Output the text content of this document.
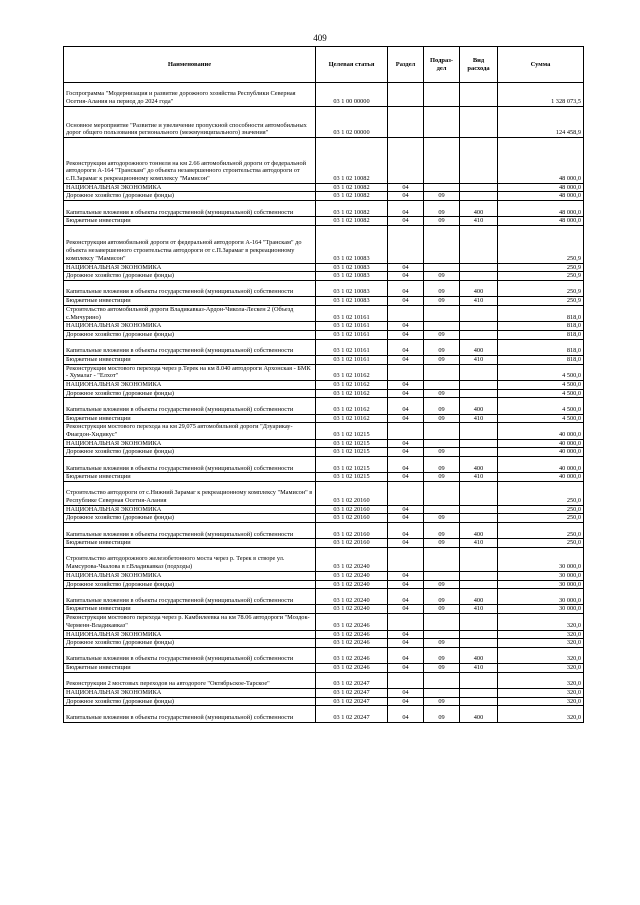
409
Наименование	Целевая статья	Раздел	Подраз-
дел	Вид
расхода	Сумма
Госпрограмма "Модернизация и развитие дорожного хозяйства Республики Северная Осетия-Алания на период до 2024 года"	03 1 00 00000				1 328 073,5
Основное мероприятие "Развитие и увеличение пропускной способности автомобильных дорог общего пользования регионального (межмуниципального) значения"	03 1 02 00000				124 458,9
Реконструкция автодорожного тоннеля на км 2.66 автомобильной дороги от федеральной автодороги А-164 "Транскам" до объекта незавершенного строительства автодороги от с.П.Зарамаг к рекреационному комплексу "Мамисон"	03 1 02 10082				48 000,0
НАЦИОНАЛЬНАЯ ЭКОНОМИКА	03 1 02 10082	04			48 000,0
Дорожное хозяйство (дорожные фонды)	03 1 02 10082	04	09		48 000,0
Капитальные вложения в объекты государственной (муниципальной) собственности	03 1 02 10082	04	09	400	48 000,0
Бюджетные инвестиции	03 1 02 10082	04	09	410	48 000,0
Реконструкция автомобильной дороги от федеральной автодороги А-164 "Транскам" до объекта незавершенного строительства автодороги от с.П.Зарамаг в рекреационному комплексу "Мамисон"	03 1 02 10083				250,9
НАЦИОНАЛЬНАЯ ЭКОНОМИКА	03 1 02 10083	04			250,9
Дорожное хозяйство (дорожные фонды)	03 1 02 10083	04	09		250,9
Капитальные вложения в объекты государственной (муниципальной) собственности	03 1 02 10083	04	09	400	250,9
Бюджетные инвестиции	03 1 02 10083	04	09	410	250,9
Строительство автомобильной дороги Владикавказ-Ардон-Чикола-Лескен 2 (Объезд с.Мичурино)	03 1 02 10161				818,0
НАЦИОНАЛЬНАЯ ЭКОНОМИКА	03 1 02 10161	04			818,0
Дорожное хозяйство (дорожные фонды)	03 1 02 10161	04	09		818,0
Капитальные вложения в объекты государственной (муниципальной) собственности	03 1 02 10161	04	09	400	818,0
Бюджетные инвестиции	03 1 02 10161	04	09	410	818,0
Реконструкция мостового перехода через р.Терек на км 8.040 автодороги Архонская - БМК - Хумалаг - "Елхот"	03 1 02 10162				4 500,0
НАЦИОНАЛЬНАЯ ЭКОНОМИКА	03 1 02 10162	04			4 500,0
Дорожное хозяйство (дорожные фонды)	03 1 02 10162	04	09		4 500,0
Капитальные вложения в объекты государственной (муниципальной) собственности	03 1 02 10162	04	09	400	4 500,0
Бюджетные инвестиции	03 1 02 10162	04	09	410	4 500,0
Реконструкция мостового перехода на км 29,075 автомобильной дороги "Дзуарикау-Фиагдон-Хидикус"	03 1 02 10215				40 000,0
НАЦИОНАЛЬНАЯ ЭКОНОМИКА	03 1 02 10215	04			40 000,0
Дорожное хозяйство (дорожные фонды)	03 1 02 10215	04	09		40 000,0
Капитальные вложения в объекты государственной (муниципальной) собственности	03 1 02 10215	04	09	400	40 000,0
Бюджетные инвестиции	03 1 02 10215	04	09	410	40 000,0
Строительство автодороги от с.Нижний Зарамаг к рекреационному комплексу "Мамисон" в Республике Северная Осетия-Алания	03 1 02 20160				250,0
НАЦИОНАЛЬНАЯ ЭКОНОМИКА	03 1 02 20160	04			250,0
Дорожное хозяйство (дорожные фонды)	03 1 02 20160	04	09		250,0
Капитальные вложения в объекты государственной (муниципальной) собственности	03 1 02 20160	04	09	400	250,0
Бюджетные инвестиции	03 1 02 20160	04	09	410	250,0
Строительство автодорожного железобетонного моста через р. Терек в створе ул. Мамсурова-Чкалова в г.Владикавказ (подходы)	03 1 02 20240				30 000,0
НАЦИОНАЛЬНАЯ ЭКОНОМИКА	03 1 02 20240	04			30 000,0
Дорожное хозяйство (дорожные фонды)	03 1 02 20240	04	09		30 000,0
Капитальные вложения в объекты государственной (муниципальной) собственности	03 1 02 20240	04	09	400	30 000,0
Бюджетные инвестиции	03 1 02 20240	04	09	410	30 000,0
Реконструкция мостового перехода через р. Камбилеевка на км 78.06 автодороги "Моздок-Черменн-Владикавказ"	03 1 02 20246				320,0
НАЦИОНАЛЬНАЯ ЭКОНОМИКА	03 1 02 20246	04			320,0
Дорожное хозяйство (дорожные фонды)	03 1 02 20246	04	09		320,0
Капитальные вложения в объекты государственной (муниципальной) собственности	03 1 02 20246	04	09	400	320,0
Бюджетные инвестиции	03 1 02 20246	04	09	410	320,0
Реконструкция 2 мостовых переходов на автодороге "Октябрьское-Тарское"	03 1 02 20247				320,0
НАЦИОНАЛЬНАЯ ЭКОНОМИКА	03 1 02 20247	04			320,0
Дорожное хозяйство (дорожные фонды)	03 1 02 20247	04	09		320,0
Капитальные вложения в объекты государственной (муниципальной) собственности	03 1 02 20247	04	09	400	320,0
